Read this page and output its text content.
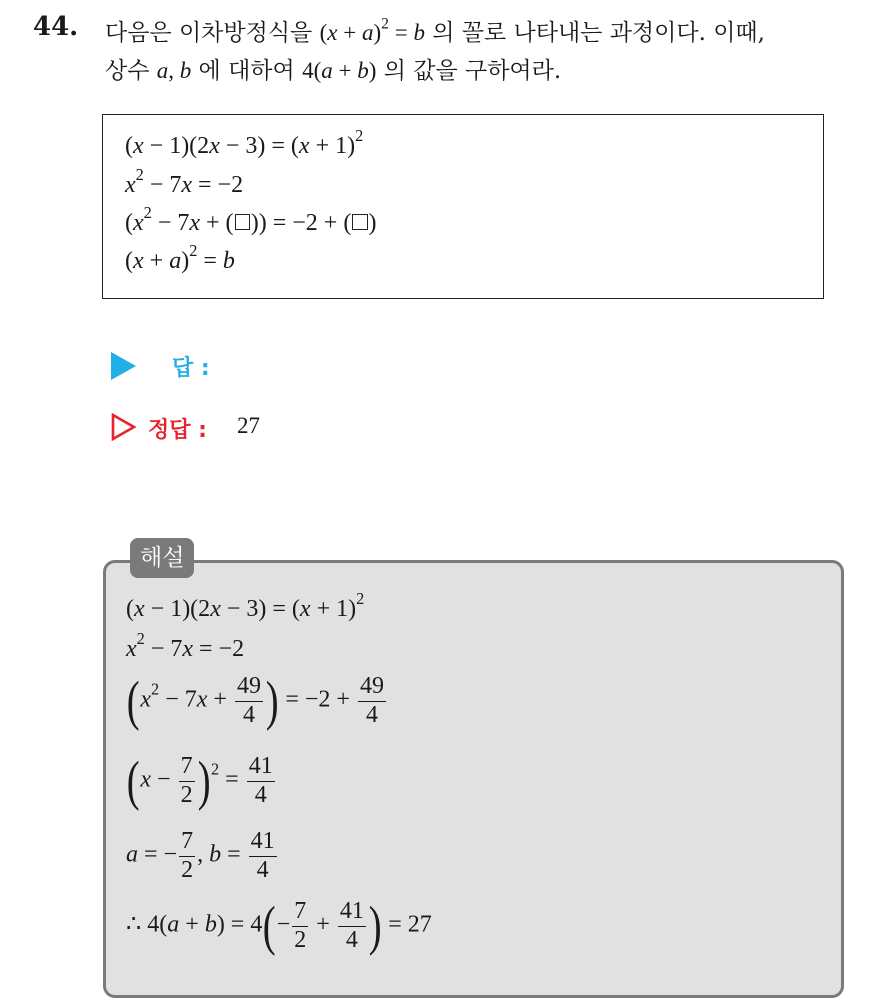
44. 다음은 이차방정식을 $(x + a)^2 = b$ 의 꼴로 나타내는 과정이다. 이때,
상수 a, b 에 대하여 4(a + b) 의 값을 구하여라.
$(x - 1)(2x - 3) = (x + 1)^2$
$x^2 - 7x = -2$
($x^2 - 7x$ + ( )) = −2 + ( )
$(x + a)^2 = b$
답 :
정답 : 27
$(x - 1)(2x - 3) = (x + 1)^2$
$x^2 - 7x = -2$
($x^2 - 7x + \frac{49}{4}$ ) = $-2 + \frac{49}{4}$
$(x - \frac{7}{2} )^2 = \frac{41}{4}$
a = − $\frac{7}{2}$ , $b = \frac{41}{4}$
∴ $4(a + b) = 4(- \frac{7}{2} + \frac{41}{4}$ ) = 27
해설
